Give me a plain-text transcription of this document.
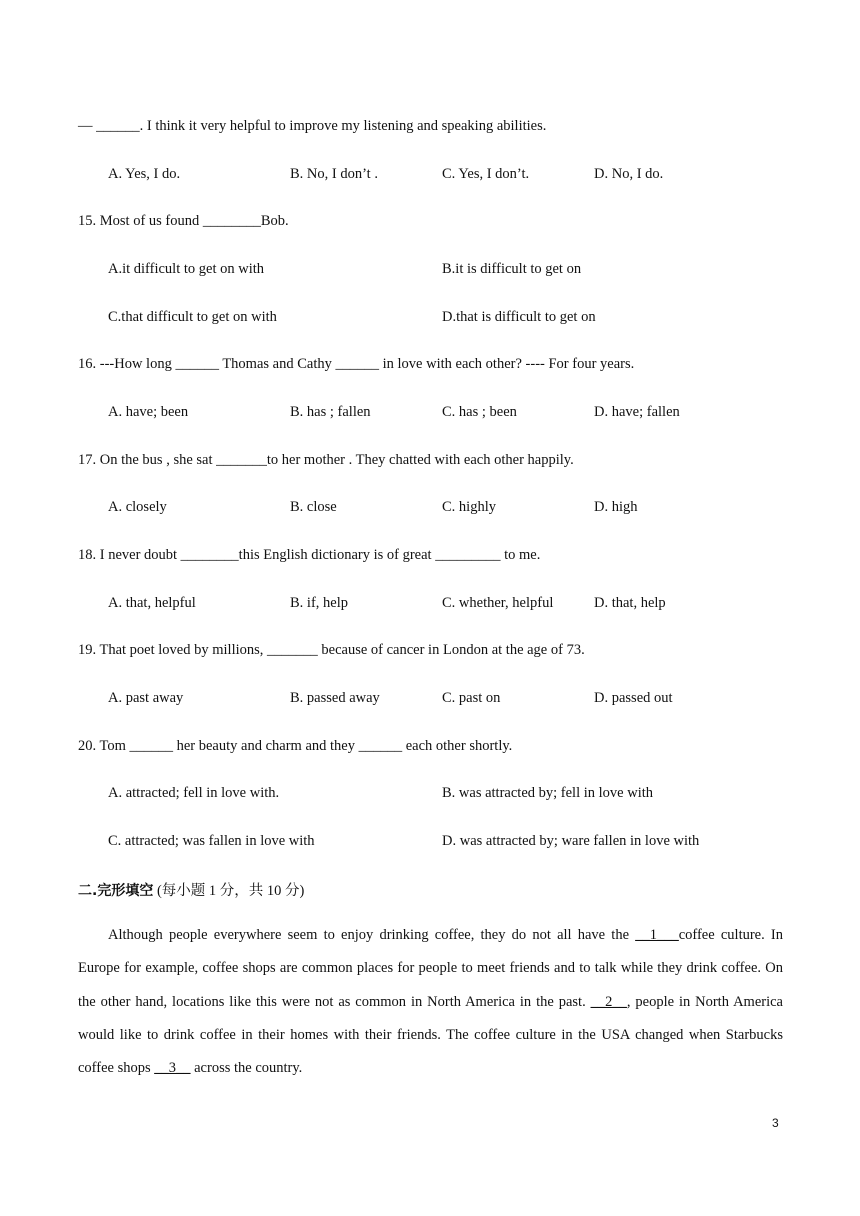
— ______. I think it very helpful to improve my listening and speaking abilities.
A. Yes, I do.	B. No, I don’t .	C. Yes, I don’t.	D. No, I do.
15. Most of us found ________Bob.
A.it difficult to get on with	B.it is difficult to get on
C.that difficult to get on with	D.that is difficult to get on
16. ---How long ______ Thomas and Cathy ______ in love with each other? ---- For four years.
A. have; been	B. has ; fallen	C. has ; been	D. have; fallen
17. On the bus , she sat _______to her mother . They chatted with each other happily.
A. closely	B. close	C. highly	D. high
18. I never doubt ________this English dictionary is of great _________ to me.
A. that, helpful	B. if, help	C. whether, helpful	D. that, help
19. That poet loved by millions, _______ because of cancer in London at the age of 73.
A. past away	B. passed away	C. past on	D. passed out
20. Tom ______ her beauty and charm and they ______ each other shortly.
A. attracted; fell in love with.	B. was attracted by; fell in love with
C. attracted; was fallen in love with	D. was attracted by; ware fallen in love with
二.完形填空 (每小题 1 分，共 10 分)
Although people everywhere seem to enjoy drinking coffee, they do not all have the __1___coffee culture. In Europe for example, coffee shops are common places for people to meet friends and to talk while they drink coffee. On the other hand, locations like this were not as common in North America in the past. __2__, people in North America would like to drink coffee in their homes with their friends. The coffee culture in the USA changed when Starbucks coffee shops __3__ across the country.
3
